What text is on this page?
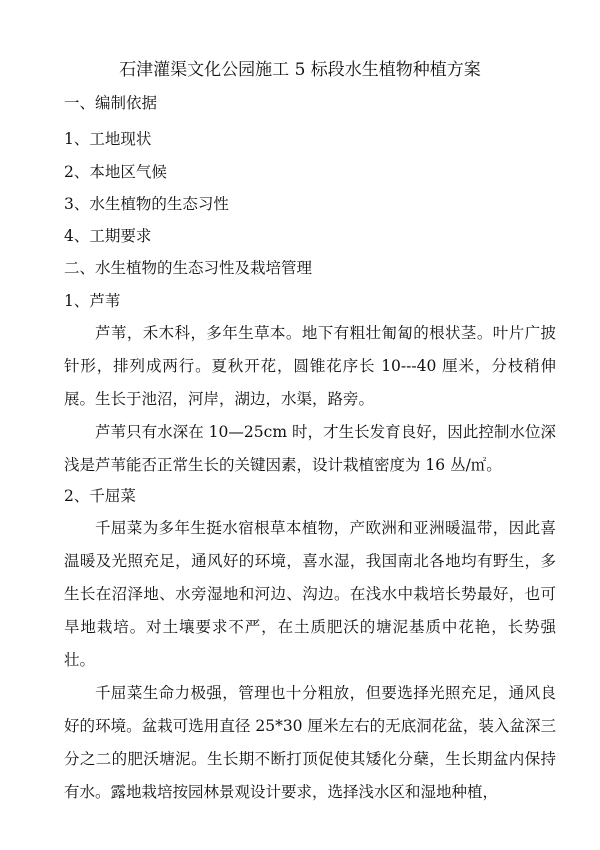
石津灌渠文化公园施工 5 标段水生植物种植方案
一、编制依据
1、工地现状
2、本地区气候
3、水生植物的生态习性
4、工期要求
二、水生植物的生态习性及栽培管理
1、芦苇
芦苇，禾木科，多年生草本。地下有粗壮匍匐的根状茎。叶片广披针形，排列成两行。夏秋开花，圆锥花序长 10---40 厘米，分枝稍伸展。生长于池沼，河岸，湖边，水渠，路旁。
芦苇只有水深在 10—25cm 时，才生长发育良好，因此控制水位深浅是芦苇能否正常生长的关键因素，设计栽植密度为 16 丛/㎡。
2、千屈菜
千屈菜为多年生挺水宿根草本植物，产欧洲和亚洲暖温带，因此喜温暖及光照充足，通风好的环境，喜水湿，我国南北各地均有野生，多生长在沼泽地、水旁湿地和河边、沟边。在浅水中栽培长势最好，也可旱地栽培。对土壤要求不严，在土质肥沃的塘泥基质中花艳，长势强壮。
千屈菜生命力极强，管理也十分粗放，但要选择光照充足，通风良好的环境。盆栽可选用直径 25*30 厘米左右的无底洞花盆，装入盆深三分之二的肥沃塘泥。生长期不断打顶促使其矮化分蘖，生长期盆内保持有水。露地栽培按园林景观设计要求，选择浅水区和湿地种植，
